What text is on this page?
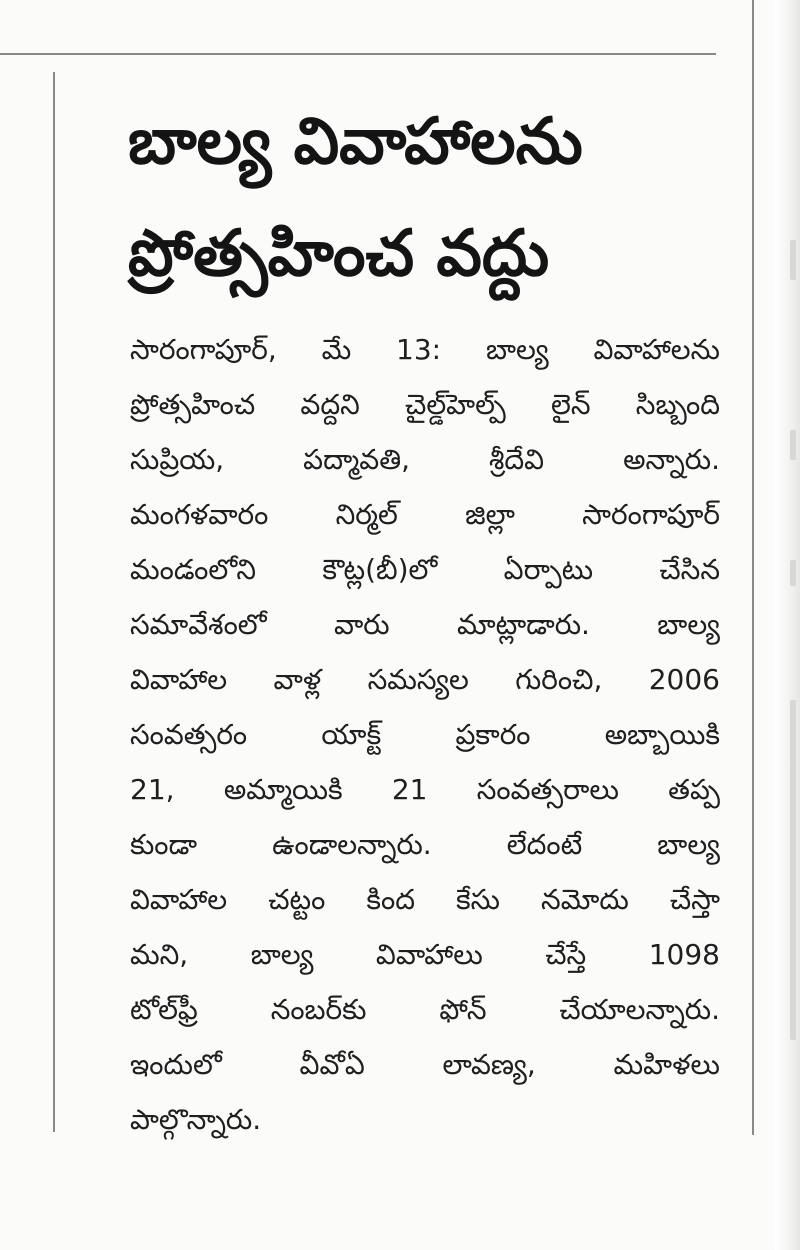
బాల్య వివాహాలను
ప్రోత్సహించ వద్దు
సారంగాపూర్, మే 13: బాల్య వివాహాలను
ప్రోత్సహించ వద్దని చైల్డ్‌హెల్ప్ లైన్ సిబ్బంది
సుప్రియ, పద్మావతి, శ్రీదేవి అన్నారు.
మంగళవారం నిర్మల్ జిల్లా సారంగాపూర్
మండంలోని కౌట్ల(బీ)లో ఏర్పాటు చేసిన
సమావేశంలో వారు మాట్లాడారు. బాల్య
వివాహాల వాళ్ల సమస్యల గురించి, 2006
సంవత్సరం యాక్ట్ ప్రకారం అబ్బాయికి
21, అమ్మాయికి 21 సంవత్సరాలు తప్ప
కుండా ఉండాలన్నారు. లేదంటే బాల్య
వివాహాల చట్టం కింద కేసు నమోదు చేస్తా
మని, బాల్య వివాహాలు చేస్తే 1098
టోల్‌ఫ్రీ నంబర్‌కు ఫోన్ చేయాలన్నారు.
ఇందులో వీవోఏ లావణ్య, మహిళలు
పాల్గొన్నారు.
